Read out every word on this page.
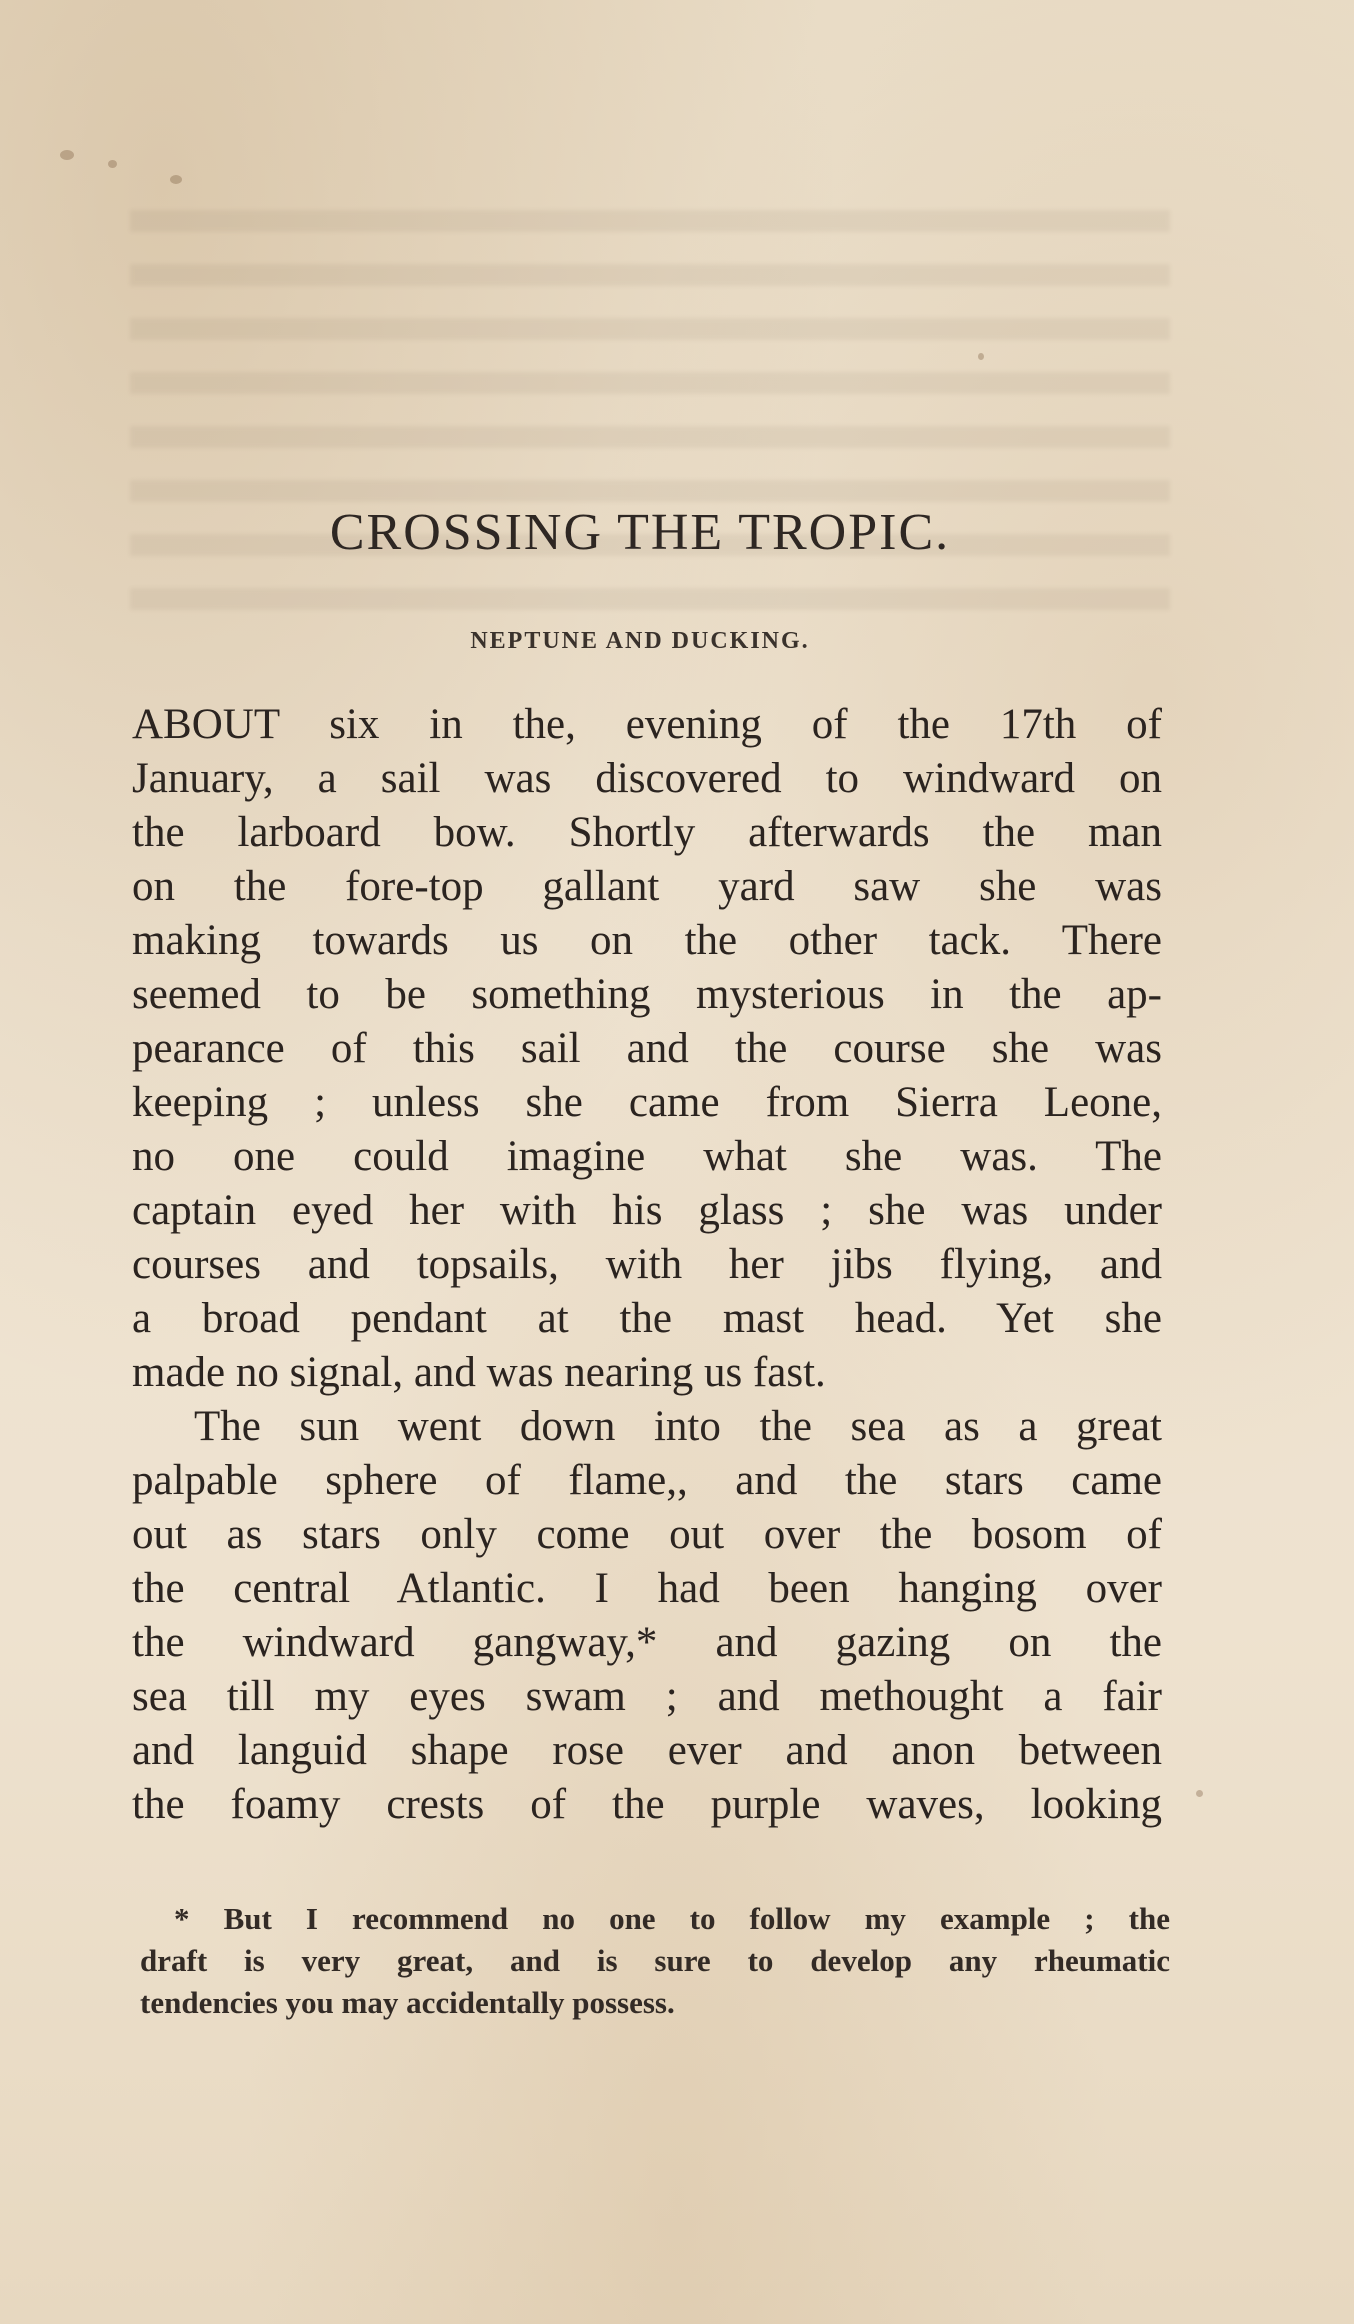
CROSSING THE TROPIC.
NEPTUNE AND DUCKING.
ABOUT six in the, evening of the 17th of
January, a sail was discovered to windward on
the larboard bow. Shortly afterwards the man
on the fore-top gallant yard saw she was
making towards us on the other tack. There
seemed to be something mysterious in the ap-
pearance of this sail and the course she was
keeping ; unless she came from Sierra Leone,
no one could imagine what she was. The
captain eyed her with his glass ; she was under
courses and topsails, with her jibs flying, and
a broad pendant at the mast head. Yet she
made no signal, and was nearing us fast.
The sun went down into the sea as a great
palpable sphere of flame,, and the stars came
out as stars only come out over the bosom of
the central Atlantic. I had been hanging over
the windward gangway,* and gazing on the
sea till my eyes swam ; and methought a fair
and languid shape rose ever and anon between
the foamy crests of the purple waves, looking
* But I recommend no one to follow my example ; the
draft is very great, and is sure to develop any rheumatic
tendencies you may accidentally possess.
